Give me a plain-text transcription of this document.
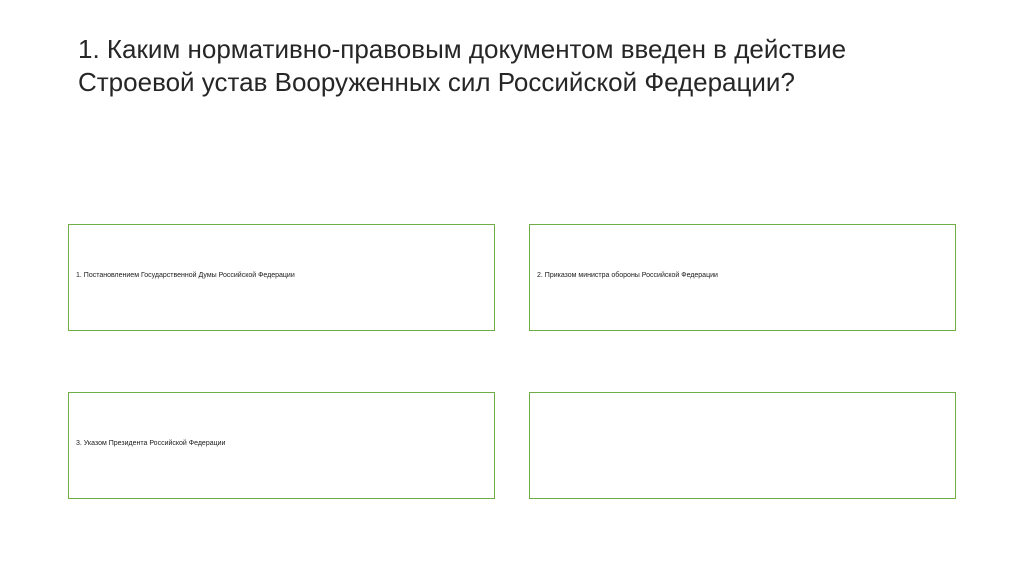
1. Каким нормативно-правовым документом введен в действие
Строевой устав Вооруженных сил Российской Федерации?
1. Постановлением Государственной Думы Российской Федерации	2. Приказом министра обороны Российской Федерации
3. Указом Президента Российской Федерации
